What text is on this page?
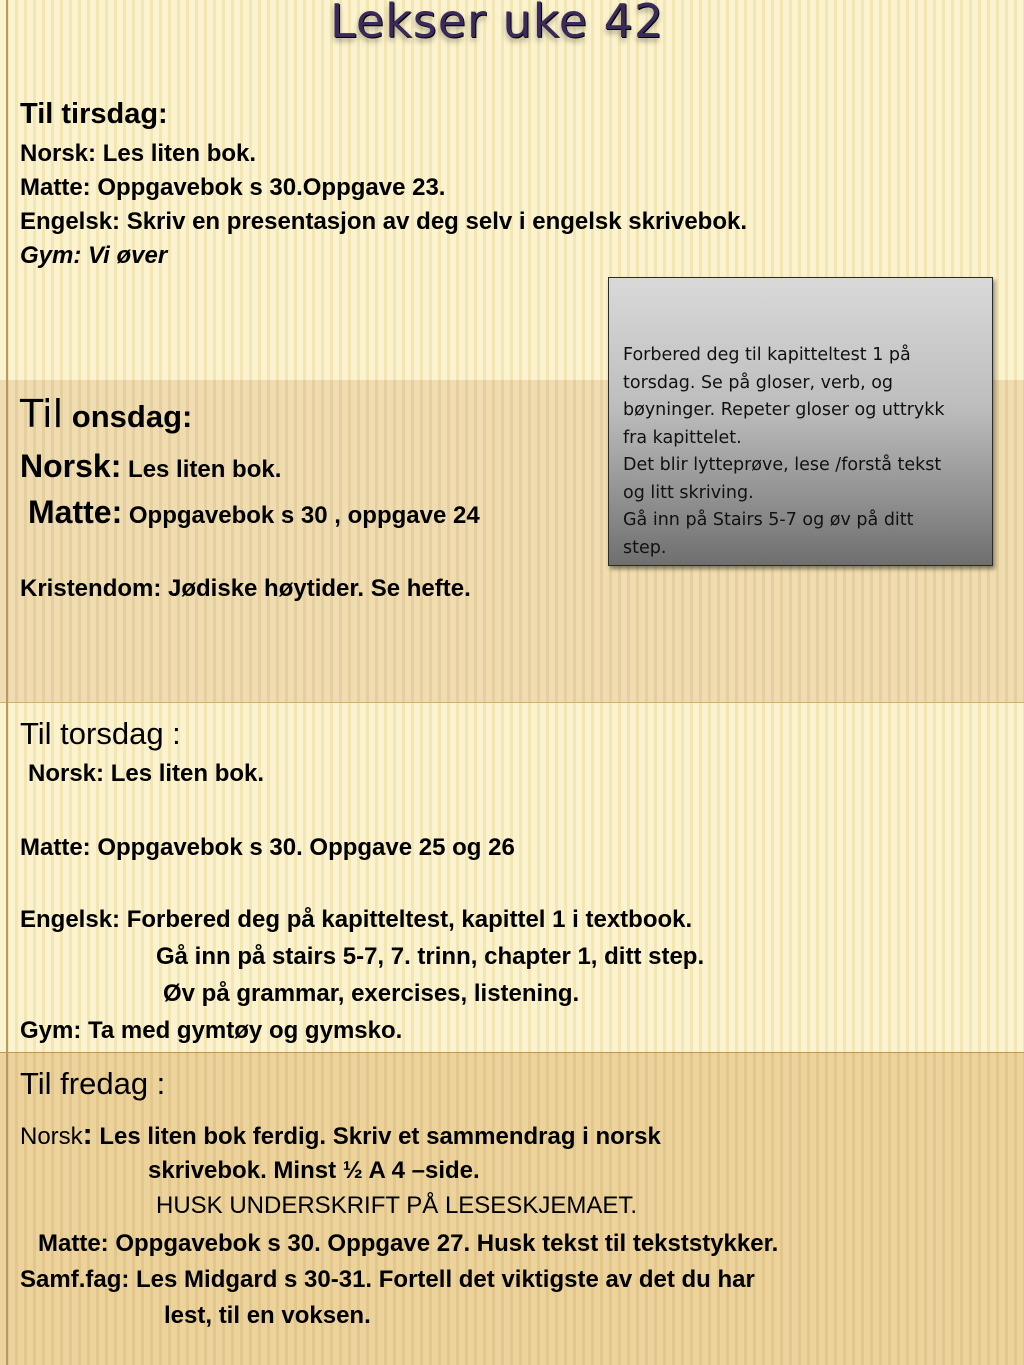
Lekser uke 42
Til tirsdag:
Norsk: Les liten bok.
Matte: Oppgavebok s 30.Oppgave 23.
Engelsk: Skriv en presentasjon av deg selv i engelsk skrivebok.
Gym: Vi øver
Til onsdag:
Norsk: Les liten bok.
Matte: Oppgavebok s 30 , oppgave 24
Kristendom: Jødiske høytider. Se hefte.
Forbered deg til kapitteltest 1 på
torsdag. Se på gloser, verb, og
bøyninger. Repeter gloser og uttrykk
fra kapittelet.
Det blir lytteprøve, lese /forstå tekst
og litt skriving.
Gå inn på Stairs 5-7 og øv på ditt
step.
Til torsdag :
Norsk: Les liten bok.
Matte: Oppgavebok s 30. Oppgave 25 og 26
Engelsk: Forbered deg på kapitteltest, kapittel 1 i textbook.
Gå inn på stairs 5-7, 7. trinn, chapter 1, ditt step.
Øv på grammar, exercises, listening.
Gym: Ta med gymtøy og gymsko.
Til fredag :
Norsk: Les liten bok ferdig. Skriv et sammendrag i norsk
skrivebok. Minst ½ A 4 –side.
HUSK UNDERSKRIFT PÅ LESESKJEMAET.
Matte: Oppgavebok s 30. Oppgave 27. Husk tekst til tekststykker.
Samf.fag: Les Midgard s 30-31. Fortell det viktigste av det du har
lest, til en voksen.
